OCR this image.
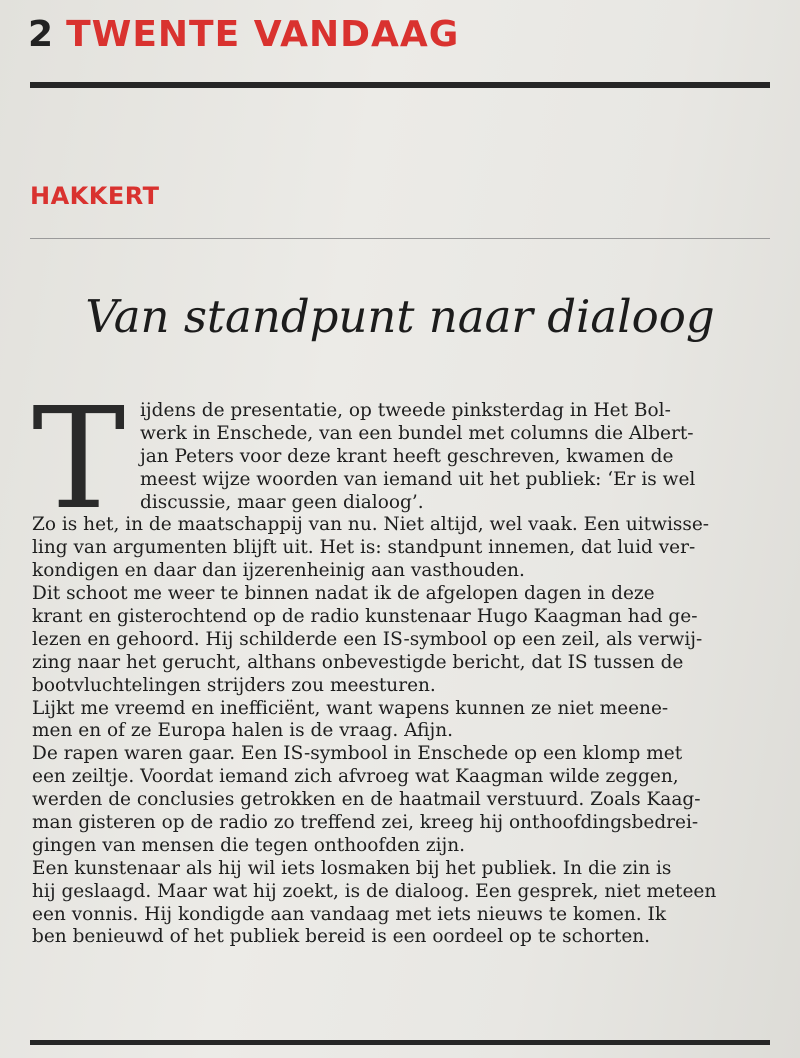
2 TWENTE VANDAAG
HAKKERT
Van standpunt naar dialoog
T ijdens de presentatie, op tweede pinksterdag in Het Bol-
werk in Enschede, van een bundel met columns die Albert-
jan Peters voor deze krant heeft geschreven, kwamen de
meest wijze woorden van iemand uit het publiek: ‘Er is wel
discussie, maar geen dialoog’.
Zo is het, in de maatschappij van nu. Niet altijd, wel vaak. Een uitwisse-
ling van argumenten blijft uit. Het is: standpunt innemen, dat luid ver-
kondigen en daar dan ijzerenheinig aan vasthouden.
Dit schoot me weer te binnen nadat ik de afgelopen dagen in deze
krant en gisterochtend op de radio kunstenaar Hugo Kaagman had ge-
lezen en gehoord. Hij schilderde een IS-symbool op een zeil, als verwij-
zing naar het gerucht, althans onbevestigde bericht, dat IS tussen de
bootvluchtelingen strijders zou meesturen.
Lijkt me vreemd en inefficiënt, want wapens kunnen ze niet meene-
men en of ze Europa halen is de vraag. Afijn.
De rapen waren gaar. Een IS-symbool in Enschede op een klomp met
een zeiltje. Voordat iemand zich afvroeg wat Kaagman wilde zeggen,
werden de conclusies getrokken en de haatmail verstuurd. Zoals Kaag-
man gisteren op de radio zo treffend zei, kreeg hij onthoofdingsbedrei-
gingen van mensen die tegen onthoofden zijn.
Een kunstenaar als hij wil iets losmaken bij het publiek. In die zin is
hij geslaagd. Maar wat hij zoekt, is de dialoog. Een gesprek, niet meteen
een vonnis. Hij kondigde aan vandaag met iets nieuws te komen. Ik
ben benieuwd of het publiek bereid is een oordeel op te schorten.
